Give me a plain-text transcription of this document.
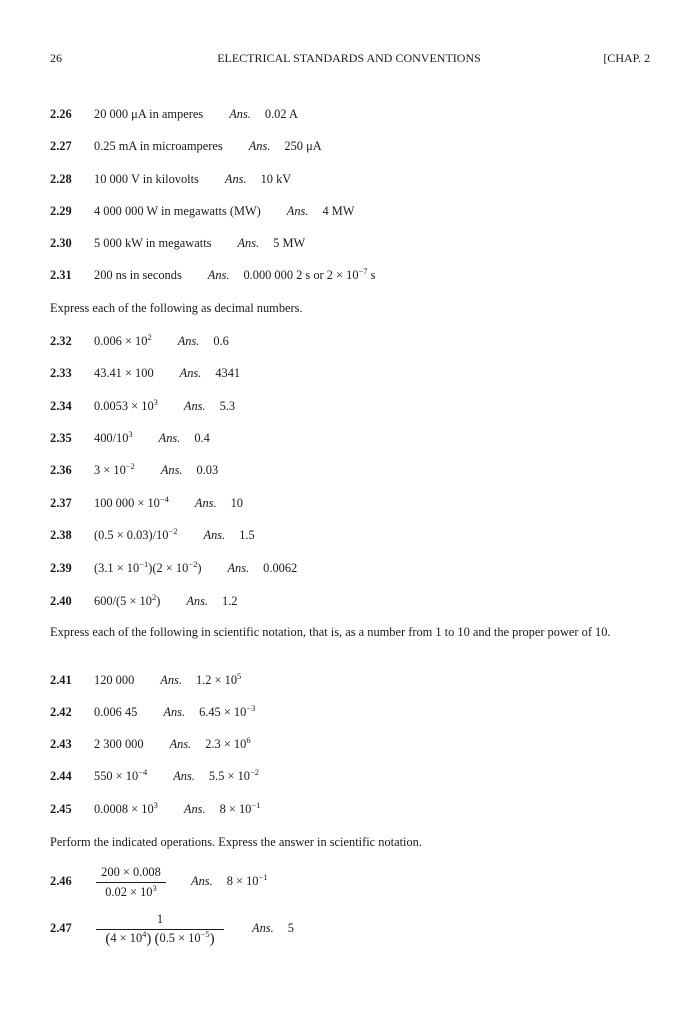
26	ELECTRICAL STANDARDS AND CONVENTIONS	[CHAP. 2
2.26 20 000 μA in amperes Ans. 0.02 A
2.27 0.25 mA in microamperes Ans. 250 μA
2.28 10 000 V in kilovolts Ans. 10 kV
2.29 4 000 000 W in megawatts (MW) Ans. 4 MW
2.30 5 000 kW in megawatts Ans. 5 MW
2.31 200 ns in seconds Ans. 0.000 000 2 s or $2 \times 10^{-7}$ s
Express each of the following as decimal numbers.
2.32 $0.006 \times 10^2$ Ans. 0.6
2.33 43.41 × 100 Ans. 4341
2.34 $0.0053 \times 10^3$ Ans. 5.3
2.35 $400/10^3$ Ans. 0.4
2.36 $3 \times 10^{-2}$ Ans. 0.03
2.37 100 $000 \times 10^{-4}$ Ans. 10
2.38 $(0.5 \times 0.03)/10^{-2}$ Ans. 1.5
2.39 $(3.1 \times 10^{-1})(2 \times 10^{-2})$ Ans. 0.0062
2.40 $600/(5 \times 10^2)$ Ans. 1.2
Express each of the following in scientific notation, that is, as a number from 1 to 10 and the proper power of 10.
2.41 120 000 Ans. $1.2 \times 10^5$
2.42 0.006 45 Ans. $6.45 \times 10^{-3}$
2.43 2 300 000 Ans. $2.3 \times 10^6$
2.44 $550 \times 10^{-4}$ Ans. $5.5 \times 10^{-2}$
2.45 $0.0008 \times 10^3$ Ans. $8 \times 10^{-1}$
Perform the indicated operations. Express the answer in scientific notation.
2.46
200 × 0.008
$0.02 \times 10^3$	Ans. $8 \times 10^{-1}$
2.47
1
$(4 \times 10^4)$ $(0.5 \times 10^{-5})$
Ans. 5
